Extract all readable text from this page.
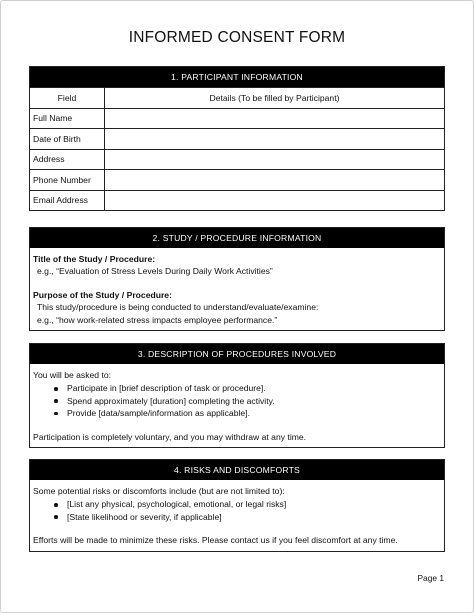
INFORMED CONSENT FORM
1. PARTICIPANT INFORMATION
Field	Details (To be filled by Participant)
Full Name	
Date of Birth	
Address	
Phone Number	
Email Address	
2. STUDY / PROCEDURE INFORMATION
Title of the Study / Procedure:
e.g., “Evaluation of Stress Levels During Daily Work Activities”
Purpose of the Study / Procedure:
This study/procedure is being conducted to understand/evaluate/examine:
e.g., “how work-related stress impacts employee performance.”
3. DESCRIPTION OF PROCEDURES INVOLVED
You will be asked to:
Participate in [brief description of task or procedure].
Spend approximately [duration] completing the activity.
Provide [data/sample/information as applicable].
Participation is completely voluntary, and you may withdraw at any time.
4. RISKS AND DISCOMFORTS
Some potential risks or discomforts include (but are not limited to):
[List any physical, psychological, emotional, or legal risks]
[State likelihood or severity, if applicable]
Efforts will be made to minimize these risks. Please contact us if you feel discomfort at any time.
Page 1
